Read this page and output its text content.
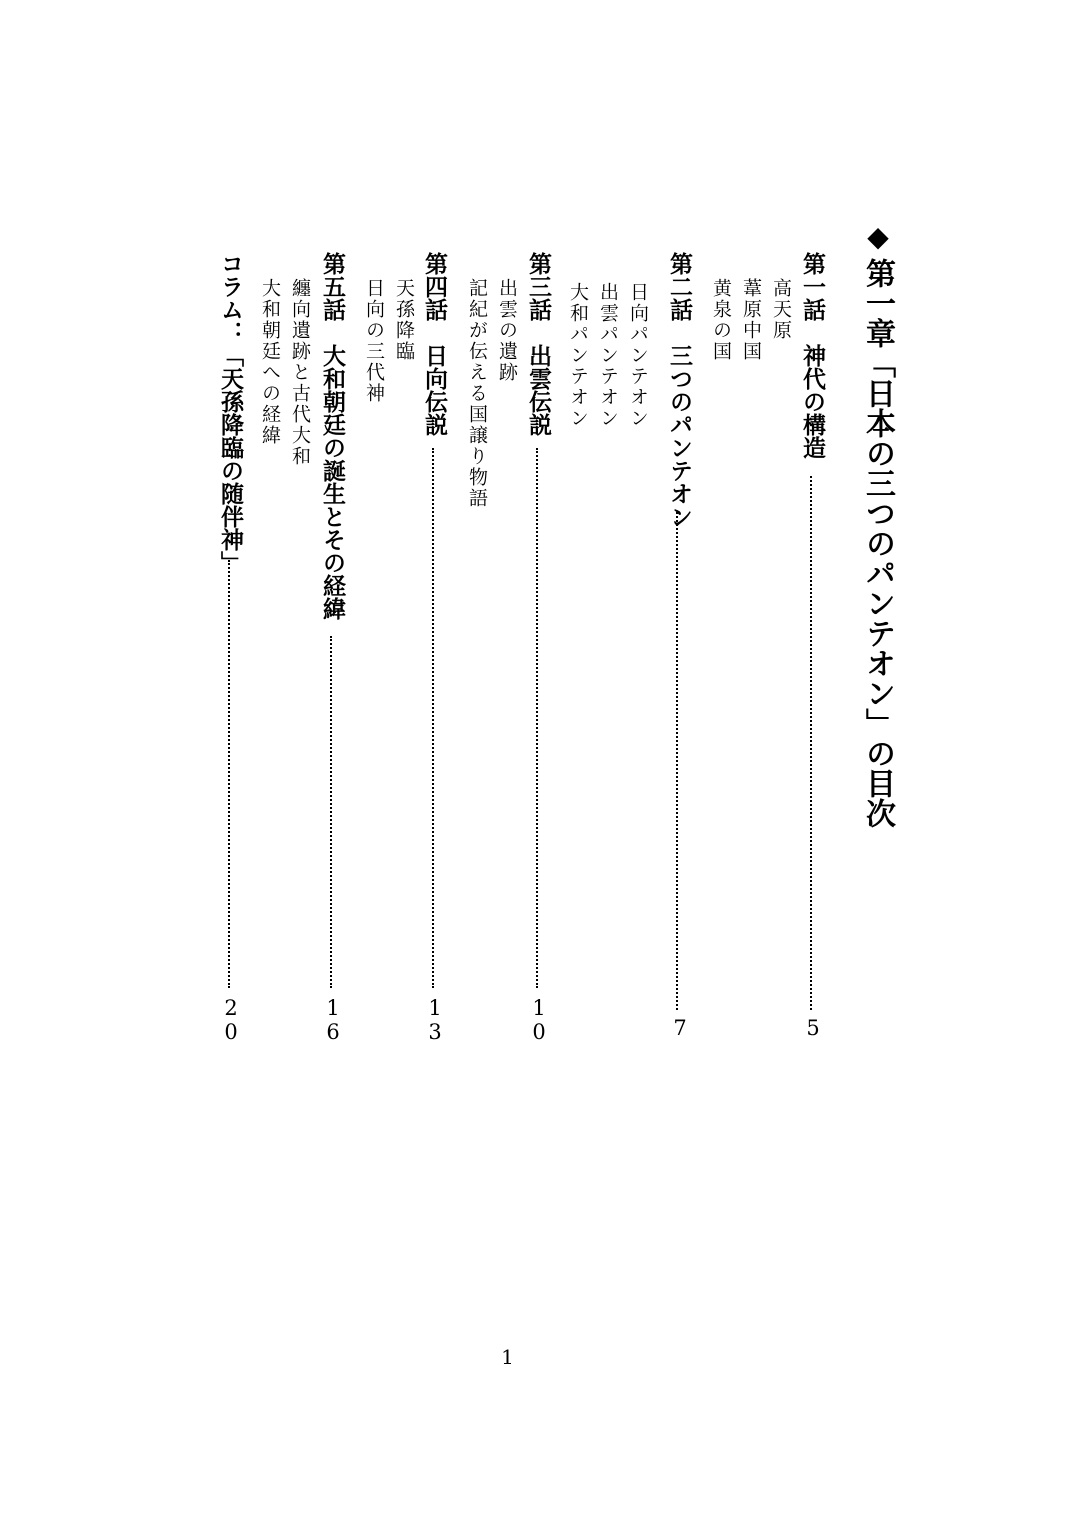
◆
第一章「日本の三つのパンテオン」の目次
第一話　神代の構造
5
高天原
葦原中国
黄泉の国
第二話　三つのパンテオン
7
日向パンテオン
出雲パンテオン
大和パンテオン
第三話　出雲伝説
10
出雲の遺跡
記紀が伝える国譲り物語
第四話　日向伝説
13
天孫降臨
日向の三代神
第五話　大和朝廷の誕生とその経緯
16
纏向遺跡と古代大和
大和朝廷への経緯
コラム：「天孫降臨の随伴神」
20
1
